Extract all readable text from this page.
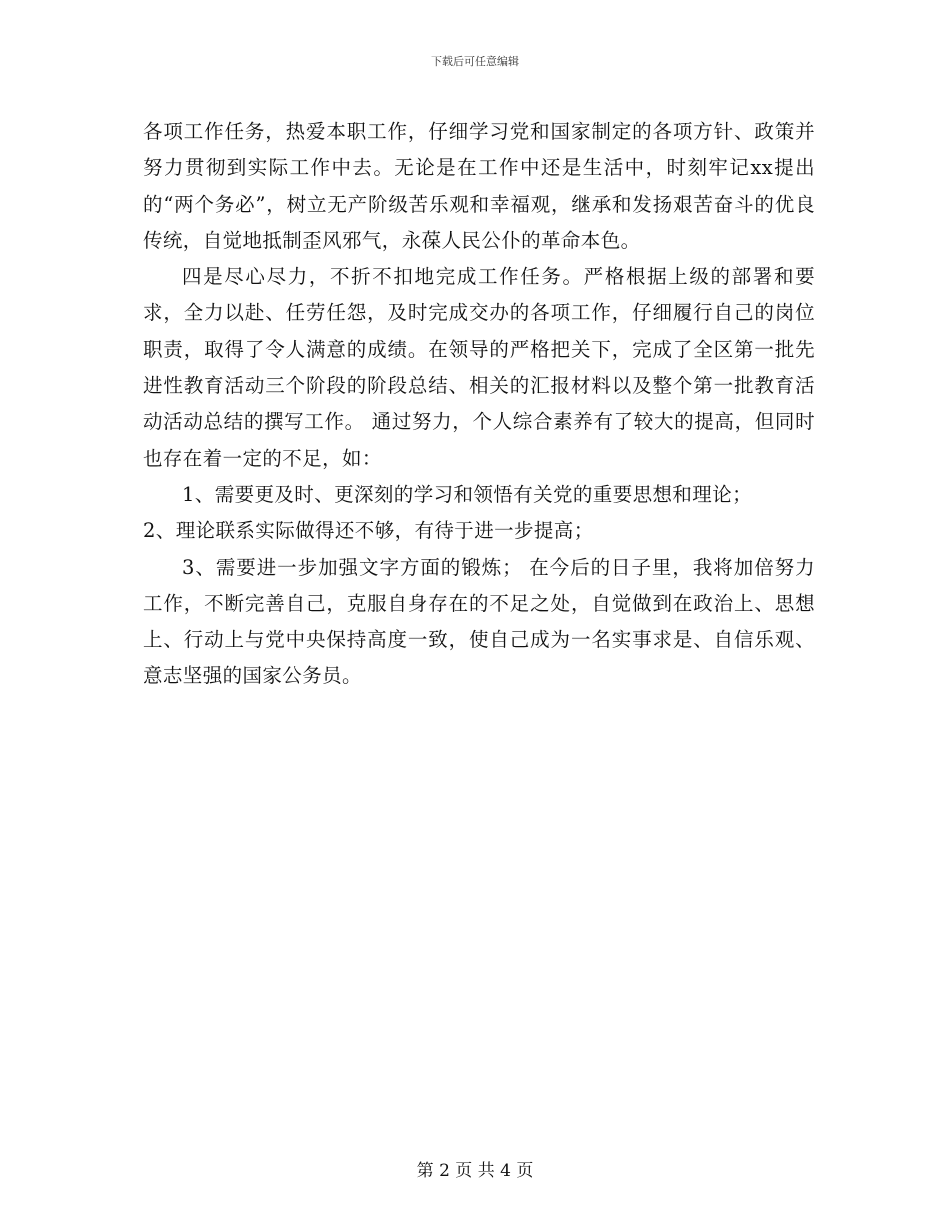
下载后可任意编辑

各项工作任务，热爱本职工作，仔细学习党和国家制定的各项方针、政策并努力贯彻到实际工作中去。无论是在工作中还是生活中，时刻牢记xx提出的“两个务必”，树立无产阶级苦乐观和幸福观，继承和发扬艰苦奋斗的优良传统，自觉地抵制歪风邪气，永葆人民公仆的革命本色。

四是尽心尽力，不折不扣地完成工作任务。严格根据上级的部署和要求，全力以赴、任劳任怨，及时完成交办的各项工作，仔细履行自己的岗位职责，取得了令人满意的成绩。在领导的严格把关下，完成了全区第一批先进性教育活动三个阶段的阶段总结、相关的汇报材料以及整个第一批教育活动活动总结的撰写工作。 通过努力，个人综合素养有了较大的提高，但同时也存在着一定的不足，如：

1、需要更及时、更深刻的学习和领悟有关党的重要思想和理论；

2、理论联系实际做得还不够，有待于进一步提高；

3、需要进一步加强文字方面的锻炼； 在今后的日子里，我将加倍努力工作，不断完善自己，克服自身存在的不足之处，自觉做到在政治上、思想上、行动上与党中央保持高度一致，使自己成为一名实事求是、自信乐观、意志坚强的国家公务员。

第 2 页 共 4 页
